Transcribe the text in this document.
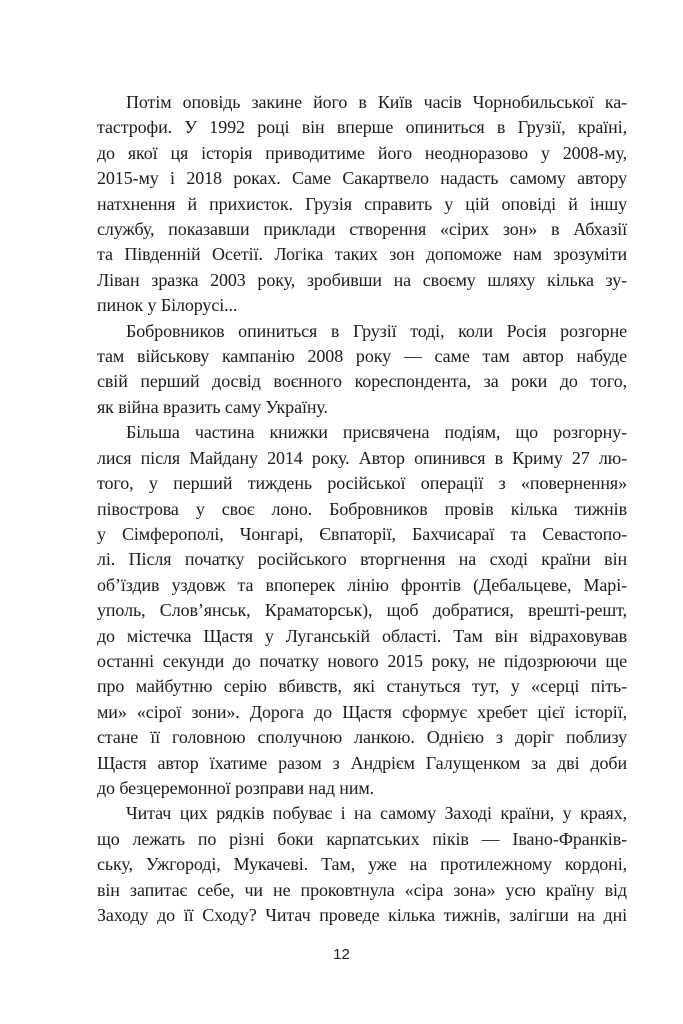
Потім оповідь закине його в Київ часів Чорнобильської ка-
тастрофи. У 1992 році він вперше опиниться в Грузії, країні,
до якої ця історія приводитиме його неодноразово у 2008-му,
2015-му і 2018 роках. Саме Сакартвело надасть самому автору
натхнення й прихисток. Грузія справить у цій оповіді й іншу
службу, показавши приклади створення «сірих зон» в Абхазії
та Південній Осетії. Логіка таких зон допоможе нам зрозуміти
Ліван зразка 2003 року, зробивши на своєму шляху кілька зу-
пинок у Білорусі...
Бобровников опиниться в Грузії тоді, коли Росія розгорне
там військову кампанію 2008 року — саме там автор набуде
свій перший досвід воєнного кореспондента, за роки до того,
як війна вразить саму Україну.
Більша частина книжки присвячена подіям, що розгорну-
лися після Майдану 2014 року. Автор опинився в Криму 27 лю-
того, у перший тиждень російської операції з «повернення»
півострова у своє лоно. Бобровников провів кілька тижнів
у Сімферополі, Чонгарі, Євпаторії, Бахчисараї та Севастопо-
лі. Після початку російського вторгнення на сході країни він
об’їздив уздовж та впоперек лінію фронтів (Дебальцеве, Марі-
уполь, Слов’янськ, Краматорськ), щоб добратися, врешті-решт,
до містечка Щастя у Луганській області. Там він відраховував
останні секунди до початку нового 2015 року, не підозрюючи ще
про майбутню серію вбивств, які стануться тут, у «серці піть-
ми» «сірої зони». Дорога до Щастя сформує хребет цієї історії,
стане її головною сполучною ланкою. Однією з доріг поблизу
Щастя автор їхатиме разом з Андрієм Галущенком за дві доби
до безцеремонної розправи над ним.
Читач цих рядків побуває і на самому Заході країни, у краях,
що лежать по різні боки карпатських піків — Івано-Франків-
ську, Ужгороді, Мукачеві. Там, уже на протилежному кордоні,
він запитає себе, чи не проковтнула «сіра зона» усю країну від
Заходу до її Сходу? Читач проведе кілька тижнів, залігши на дні
12
